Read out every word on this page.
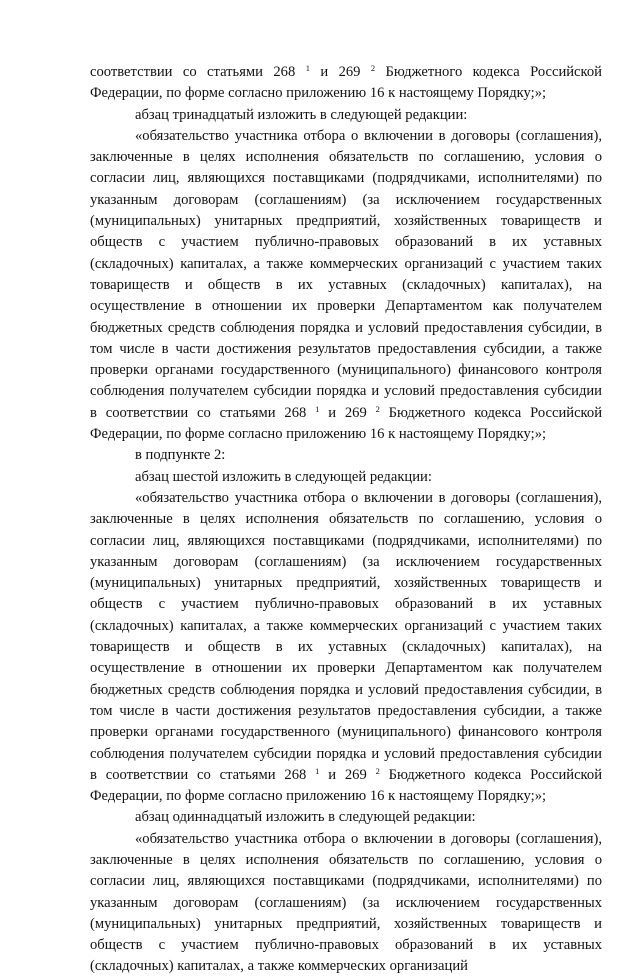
соответствии со статьями 268 $^1$ и 269 $^2$ Бюджетного кодекса Российской Федерации, по форме согласно приложению 16 к настоящему Порядку;»;

абзац тринадцатый изложить в следующей редакции:

«обязательство участника отбора о включении в договоры (соглашения), заключенные в целях исполнения обязательств по соглашению, условия о согласии лиц, являющихся поставщиками (подрядчиками, исполнителями) по указанным договорам (соглашениям) (за исключением государственных (муниципальных) унитарных предприятий, хозяйственных товариществ и обществ с участием публично-правовых образований в их уставных (складочных) капиталах, а также коммерческих организаций с участием таких товариществ и обществ в их уставных (складочных) капиталах), на осуществление в отношении их проверки Департаментом как получателем бюджетных средств соблюдения порядка и условий предоставления субсидии, в том числе в части достижения результатов предоставления субсидии, а также проверки органами государственного (муниципального) финансового контроля соблюдения получателем субсидии порядка и условий предоставления субсидии в соответствии со статьями 268 $^1$ и 269 $^2$ Бюджетного кодекса Российской Федерации, по форме согласно приложению 16 к настоящему Порядку;»;

в подпункте 2:

абзац шестой изложить в следующей редакции:

«обязательство участника отбора о включении в договоры (соглашения), заключенные в целях исполнения обязательств по соглашению, условия о согласии лиц, являющихся поставщиками (подрядчиками, исполнителями) по указанным договорам (соглашениям) (за исключением государственных (муниципальных) унитарных предприятий, хозяйственных товариществ и обществ с участием публично-правовых образований в их уставных (складочных) капиталах, а также коммерческих организаций с участием таких товариществ и обществ в их уставных (складочных) капиталах), на осуществление в отношении их проверки Департаментом как получателем бюджетных средств соблюдения порядка и условий предоставления субсидии, в том числе в части достижения результатов предоставления субсидии, а также проверки органами государственного (муниципального) финансового контроля соблюдения получателем субсидии порядка и условий предоставления субсидии в соответствии со статьями 268 $^1$ и 269 $^2$ Бюджетного кодекса Российской Федерации, по форме согласно приложению 16 к настоящему Порядку;»;

абзац одиннадцатый изложить в следующей редакции:

«обязательство участника отбора о включении в договоры (соглашения), заключенные в целях исполнения обязательств по соглашению, условия о согласии лиц, являющихся поставщиками (подрядчиками, исполнителями) по указанным договорам (соглашениям) (за исключением государственных (муниципальных) унитарных предприятий, хозяйственных товариществ и обществ с участием публично-правовых образований в их уставных (складочных) капиталах, а также коммерческих организаций
